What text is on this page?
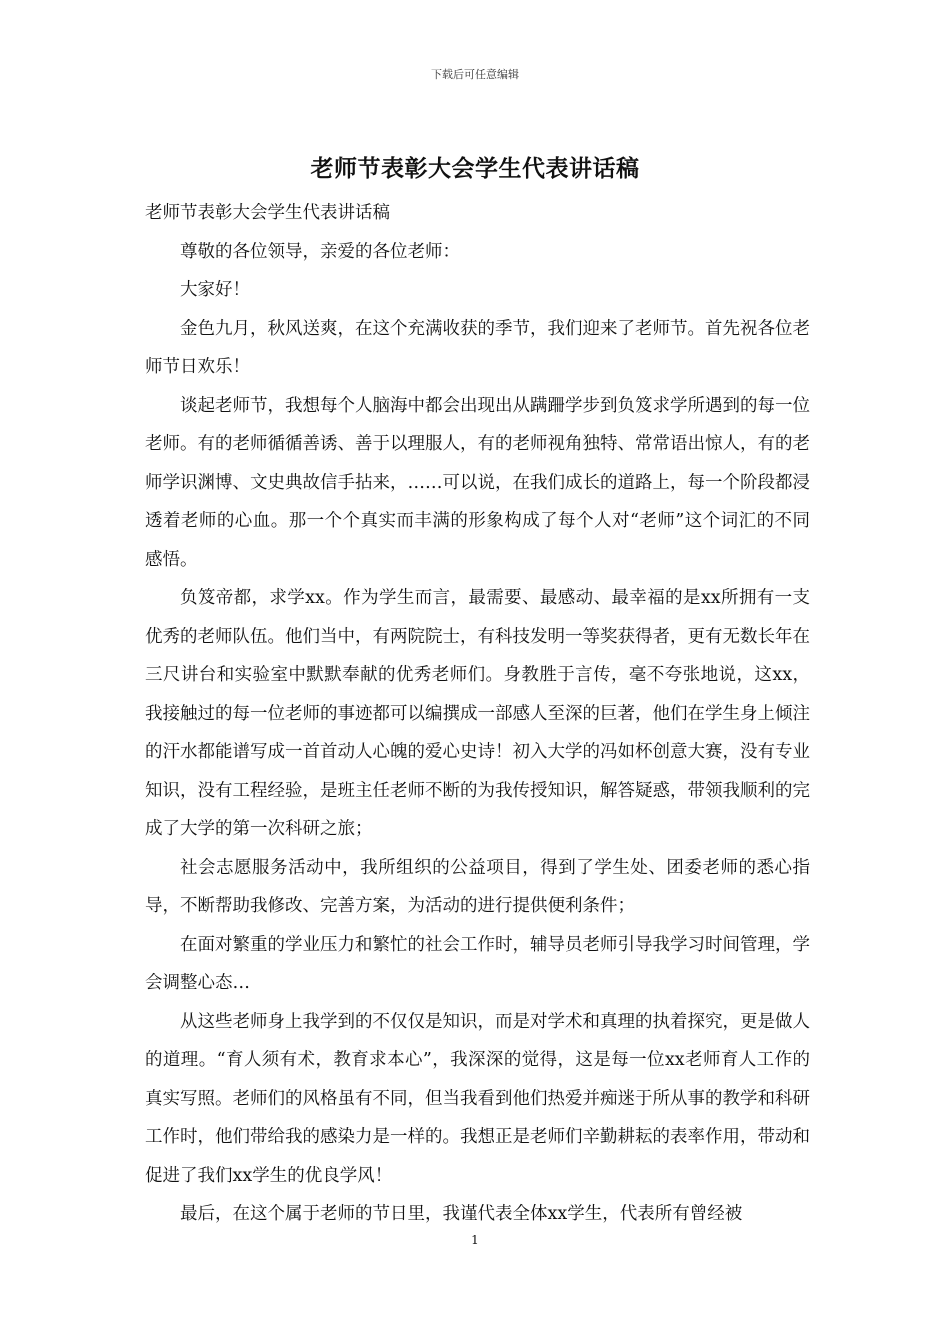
下载后可任意编辑
老师节表彰大会学生代表讲话稿

老师节表彰大会学生代表讲话稿

尊敬的各位领导，亲爱的各位老师：

大家好！

金色九月，秋风送爽，在这个充满收获的季节，我们迎来了老师节。首先祝各位老师节日欢乐！

谈起老师节，我想每个人脑海中都会出现出从蹒跚学步到负笈求学所遇到的每一位老师。有的老师循循善诱、善于以理服人，有的老师视角独特、常常语出惊人，有的老师学识渊博、文史典故信手拈来，……可以说，在我们成长的道路上，每一个阶段都浸透着老师的心血。那一个个真实而丰满的形象构成了每个人对“老师”这个词汇的不同感悟。

负笈帝都，求学xx。作为学生而言，最需要、最感动、最幸福的是xx所拥有一支优秀的老师队伍。他们当中，有两院院士，有科技发明一等奖获得者，更有无数长年在三尺讲台和实验室中默默奉献的优秀老师们。身教胜于言传，毫不夸张地说，这xx，我接触过的每一位老师的事迹都可以编撰成一部感人至深的巨著，他们在学生身上倾注的汗水都能谱写成一首首动人心魄的爱心史诗！初入大学的冯如杯创意大赛，没有专业知识，没有工程经验，是班主任老师不断的为我传授知识，解答疑惑，带领我顺利的完成了大学的第一次科研之旅；

社会志愿服务活动中，我所组织的公益项目，得到了学生处、团委老师的悉心指导，不断帮助我修改、完善方案，为活动的进行提供便利条件；

在面对繁重的学业压力和繁忙的社会工作时，辅导员老师引导我学习时间管理，学会调整心态…

从这些老师身上我学到的不仅仅是知识，而是对学术和真理的执着探究，更是做人的道理。“育人须有术，教育求本心”，我深深的觉得，这是每一位xx老师育人工作的真实写照。老师们的风格虽有不同，但当我看到他们热爱并痴迷于所从事的教学和科研工作时，他们带给我的感染力是一样的。我想正是老师们辛勤耕耘的表率作用，带动和促进了我们xx学生的优良学风！

最后，在这个属于老师的节日里，我谨代表全体xx学生，代表所有曾经被

1
